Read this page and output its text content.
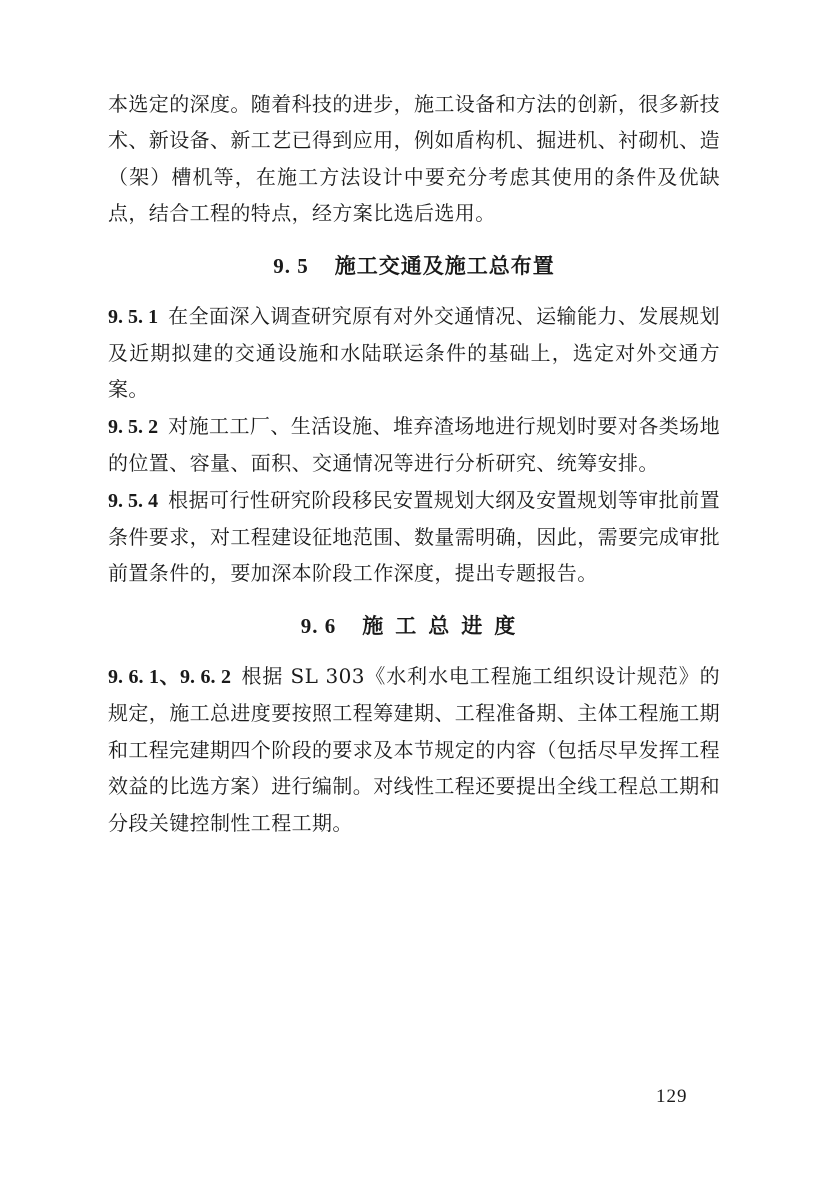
本选定的深度。随着科技的进步，施工设备和方法的创新，很多新技术、新设备、新工艺已得到应用，例如盾构机、掘进机、衬砌机、造（架）槽机等，在施工方法设计中要充分考虑其使用的条件及优缺点，结合工程的特点，经方案比选后选用。

9. 5 施工交通及施工总布置

9. 5. 1 在全面深入调查研究原有对外交通情况、运输能力、发展规划及近期拟建的交通设施和水陆联运条件的基础上，选定对外交通方案。

9. 5. 2 对施工工厂、生活设施、堆弃渣场地进行规划时要对各类场地的位置、容量、面积、交通情况等进行分析研究、统筹安排。

9. 5. 4 根据可行性研究阶段移民安置规划大纲及安置规划等审批前置条件要求，对工程建设征地范围、数量需明确，因此，需要完成审批前置条件的，要加深本阶段工作深度，提出专题报告。

9. 6 施工总进度

9. 6. 1、9. 6. 2 根据 SL 303《水利水电工程施工组织设计规范》的规定，施工总进度要按照工程筹建期、工程准备期、主体工程施工期和工程完建期四个阶段的要求及本节规定的内容（包括尽早发挥工程效益的比选方案）进行编制。对线性工程还要提出全线工程总工期和分段关键控制性工程工期。

129
